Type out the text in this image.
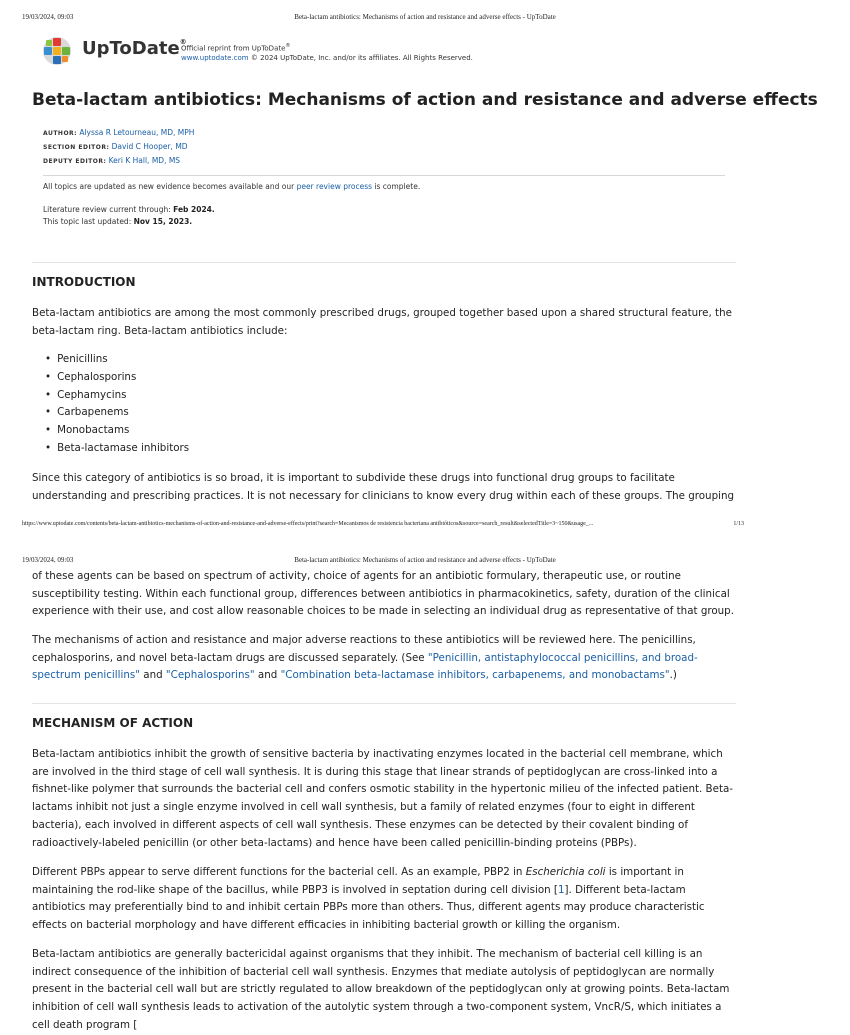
19/03/2024, 09:03	Beta-lactam antibiotics: Mechanisms of action and resistance and adverse effects - UpToDate
UpToDate®
Official reprint from UpToDate®
www.uptodate.com © 2024 UpToDate, Inc. and/or its affiliates. All Rights Reserved.
Beta-lactam antibiotics: Mechanisms of action and resistance and adverse effects
AUTHOR: Alyssa R Letourneau, MD, MPH
SECTION EDITOR: David C Hooper, MD
DEPUTY EDITOR: Keri K Hall, MD, MS
All topics are updated as new evidence becomes available and our peer review process is complete.
Literature review current through: Feb 2024.
This topic last updated: Nov 15, 2023.
INTRODUCTION

Beta-lactam antibiotics are among the most commonly prescribed drugs, grouped together based upon a shared structural feature, the beta-lactam ring. Beta-lactam antibiotics include:

• Penicillins
• Cephalosporins
• Cephamycins
• Carbapenems
• Monobactams
• Beta-lactamase inhibitors

Since this category of antibiotics is so broad, it is important to subdivide these drugs into functional drug groups to facilitate understanding and prescribing practices. It is not necessary for clinicians to know every drug within each of these groups. The grouping

https://www.uptodate.com/contents/beta-lactam-antibiotics-mechanisms-of-action-and-resistance-and-adverse-effects/print?search=Mecanismos de resistencia bacteriana antibióticos&source=search_result&selectedTitle=3~150&usage_...	1/13
19/03/2024, 09:03	Beta-lactam antibiotics: Mechanisms of action and resistance and adverse effects - UpToDate

of these agents can be based on spectrum of activity, choice of agents for an antibiotic formulary, therapeutic use, or routine susceptibility testing. Within each functional group, differences between antibiotics in pharmacokinetics, safety, duration of the clinical experience with their use, and cost allow reasonable choices to be made in selecting an individual drug as representative of that group.

The mechanisms of action and resistance and major adverse reactions to these antibiotics will be reviewed here. The penicillins, cephalosporins, and novel beta-lactam drugs are discussed separately. (See "Penicillin, antistaphylococcal penicillins, and broad-spectrum penicillins" and "Cephalosporins" and "Combination beta-lactamase inhibitors, carbapenems, and monobactams".)

MECHANISM OF ACTION

Beta-lactam antibiotics inhibit the growth of sensitive bacteria by inactivating enzymes located in the bacterial cell membrane, which are involved in the third stage of cell wall synthesis. It is during this stage that linear strands of peptidoglycan are cross-linked into a fishnet-like polymer that surrounds the bacterial cell and confers osmotic stability in the hypertonic milieu of the infected patient. Beta-lactams inhibit not just a single enzyme involved in cell wall synthesis, but a family of related enzymes (four to eight in different bacteria), each involved in different aspects of cell wall synthesis. These enzymes can be detected by their covalent binding of radioactively-labeled penicillin (or other beta-lactams) and hence have been called penicillin-binding proteins (PBPs).

Different PBPs appear to serve different functions for the bacterial cell. As an example, PBP2 in Escherichia coli is important in maintaining the rod-like shape of the bacillus, while PBP3 is involved in septation during cell division [1]. Different beta-lactam antibiotics may preferentially bind to and inhibit certain PBPs more than others. Thus, different agents may produce characteristic effects on bacterial morphology and have different efficacies in inhibiting bacterial growth or killing the organism.

Beta-lactam antibiotics are generally bactericidal against organisms that they inhibit. The mechanism of bacterial cell killing is an indirect consequence of the inhibition of bacterial cell wall synthesis. Enzymes that mediate autolysis of peptidoglycan are normally present in the bacterial cell wall but are strictly regulated to allow breakdown of the peptidoglycan only at growing points. Beta-lactam inhibition of cell wall synthesis leads to activation of the autolytic system through a two-component system, VncR/S, which initiates a cell death program [
